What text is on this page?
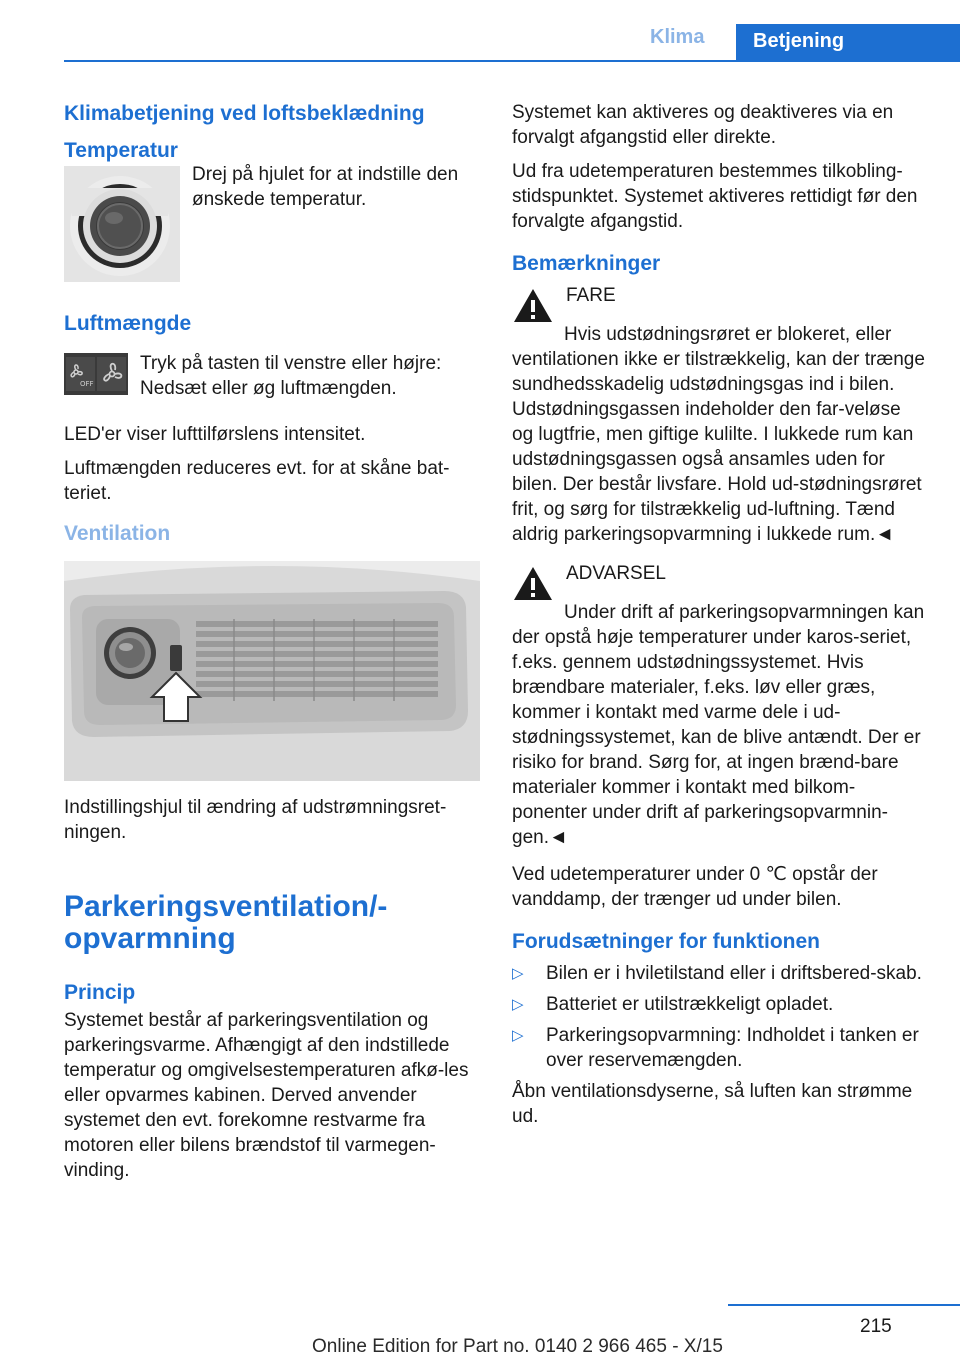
Klima	Betjening
Klimabetjening ved loftsbeklædning
Temperatur

Drej på hjulet for at indstille den ønskede temperatur.

Luftmængde
OFF

Tryk på tasten til venstre eller højre: Nedsæt eller øg luftmængden.

LED'er viser lufttilførslens intensitet.

Luftmængden reduceres evt. for at skåne bat‐teriet.

Ventilation

Indstillingshjul til ændring af udstrømningsret‐ningen.

Parkeringsventilation/‐opvarmning
Princip

Systemet består af parkeringsventilation og parkeringsvarme. Afhængigt af den indstillede temperatur og omgivelsestemperaturen afkø‐les eller opvarmes kabinen. Derved anvender systemet den evt. forekomne restvarme fra motoren eller bilens brændstof til varmegen‐vinding.

Systemet kan aktiveres og deaktiveres via en forvalgt afgangstid eller direkte.

Ud fra udetemperaturen bestemmes tilkobling‐stidspunktet. Systemet aktiveres rettidigt før den forvalgte afgangstid.

Bemærkninger
FARE

Hvis udstødningsrøret er blokeret, eller ventilationen ikke er tilstrækkelig, kan der trænge sundhedsskadelig udstødningsgas ind i bilen. Udstødningsgassen indeholder den far‐veløse og lugtfrie, men giftige kulilte. I lukkede rum kan udstødningsgassen også ansamles uden for bilen. Der består livsfare. Hold ud‐stødningsrøret frit, og sørg for tilstrækkelig ud‐luftning. Tænd aldrig parkeringsopvarmning i lukkede rum.◄

ADVARSEL

Under drift af parkeringsopvarmningen kan der opstå høje temperaturer under karos‐seriet, f.eks. gennem udstødningssystemet. Hvis brændbare materialer, f.eks. løv eller græs, kommer i kontakt med varme dele i ud‐stødningssystemet, kan de blive antændt. Der er risiko for brand. Sørg for, at ingen brænd‐bare materialer kommer i kontakt med bilkom‐ponenter under drift af parkeringsopvarmnin‐gen.◄

Ved udetemperaturer under 0 ℃ opstår der vanddamp, der trænger ud under bilen.

Forudsætninger for funktionen
▷	Bilen er i hviletilstand eller i driftsbered‐skab.
▷	Batteriet er utilstrækkeligt opladet.
▷	Parkeringsopvarmning: Indholdet i tanken er over reservemængden.

Åbn ventilationsdyserne, så luften kan strømme ud.

215
Online Edition for Part no. 0140 2 966 465 - X/15
